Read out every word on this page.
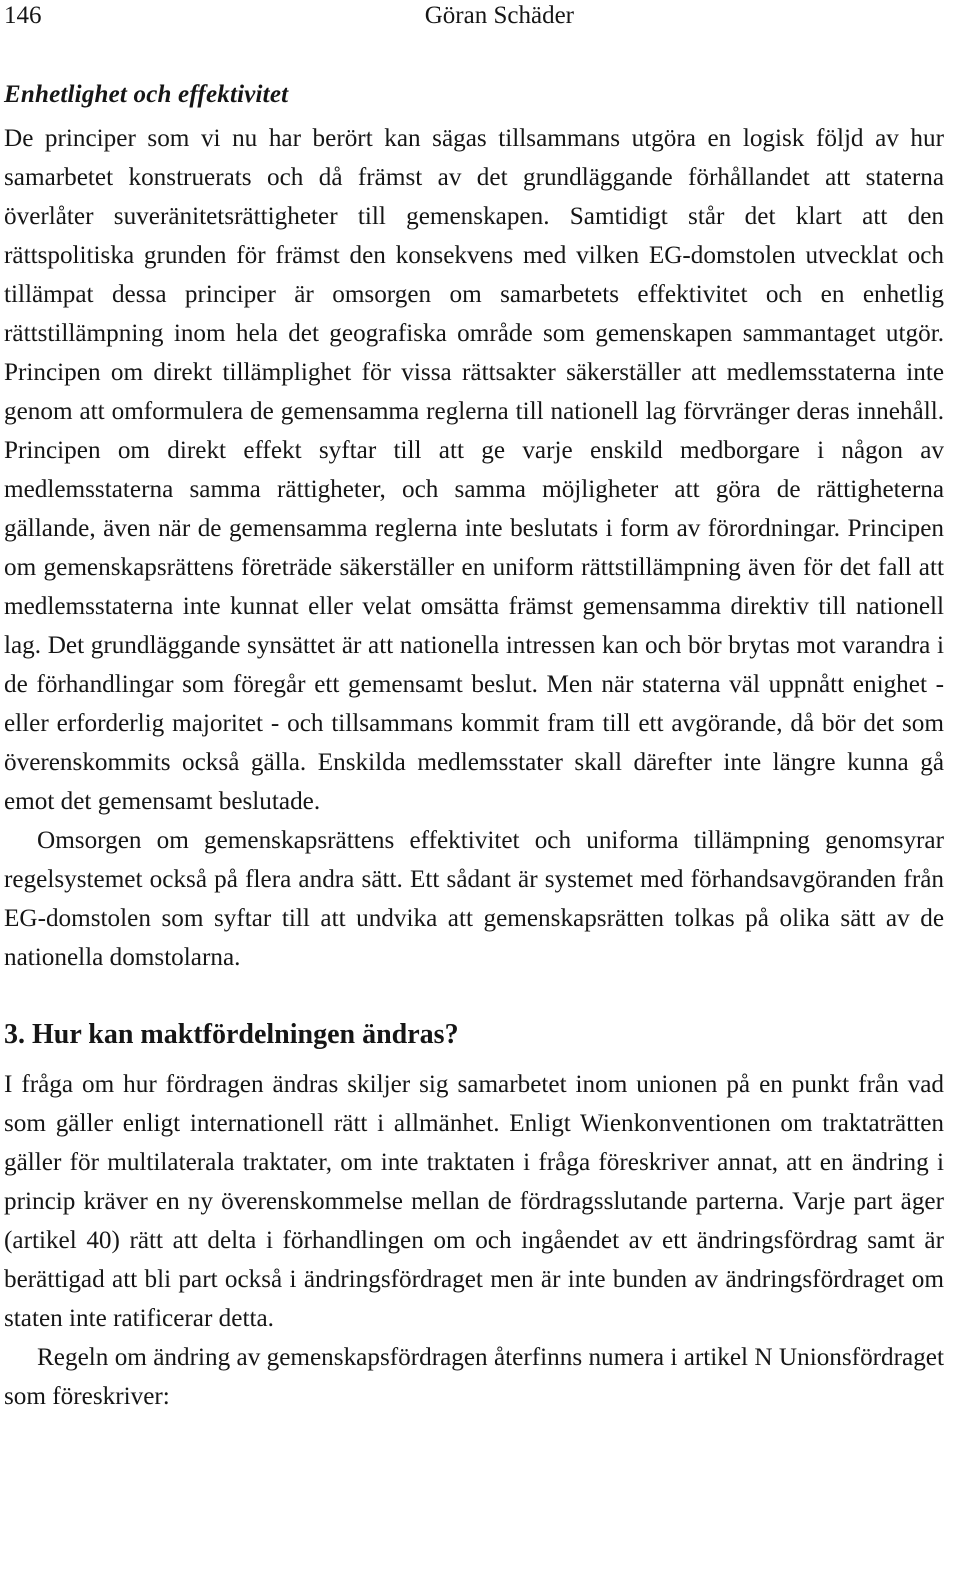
146	Göran Schäder
Enhetlighet och effektivitet

De principer som vi nu har berört kan sägas tillsammans utgöra en logisk följd av hur samarbetet konstruerats och då främst av det grundläggande förhållandet att staterna överlåter suveränitetsrättigheter till gemenskapen. Samtidigt står det klart att den rättspolitiska grunden för främst den konsekvens med vilken EG-domstolen utvecklat och tillämpat dessa principer är omsorgen om samarbetets effektivitet och en enhetlig rättstillämpning inom hela det geografiska område som gemenskapen sammantaget utgör. Principen om direkt tillämplighet för vissa rättsakter säkerställer att medlemsstaterna inte genom att omformulera de gemensamma reglerna till nationell lag förvränger deras innehåll. Principen om direkt effekt syftar till att ge varje enskild medborgare i någon av medlemsstaterna samma rättigheter, och samma möjligheter att göra de rättigheterna gällande, även när de gemensamma reglerna inte beslutats i form av förordningar. Principen om gemenskapsrättens företräde säkerställer en uniform rättstillämpning även för det fall att medlemsstaterna inte kunnat eller velat omsätta främst gemensamma direktiv till nationell lag. Det grundläggande synsättet är att nationella intressen kan och bör brytas mot varandra i de förhandlingar som föregår ett gemensamt beslut. Men när staterna väl uppnått enighet - eller erforderlig majoritet - och tillsammans kommit fram till ett avgörande, då bör det som överenskommits också gälla. Enskilda medlemsstater skall därefter inte längre kunna gå emot det gemensamt beslutade.

Omsorgen om gemenskapsrättens effektivitet och uniforma tillämpning genomsyrar regelsystemet också på flera andra sätt. Ett sådant är systemet med förhandsavgöranden från EG-domstolen som syftar till att undvika att gemenskapsrätten tolkas på olika sätt av de nationella domstolarna.

3. Hur kan maktfördelningen ändras?

I fråga om hur fördragen ändras skiljer sig samarbetet inom unionen på en punkt från vad som gäller enligt internationell rätt i allmänhet. Enligt Wienkonventionen om traktaträtten gäller för multilaterala traktater, om inte traktaten i fråga föreskriver annat, att en ändring i princip kräver en ny överenskommelse mellan de fördragsslutande parterna. Varje part äger (artikel 40) rätt att delta i förhandlingen om och ingåendet av ett ändringsfördrag samt är berättigad att bli part också i ändringsfördraget men är inte bunden av ändringsfördraget om staten inte ratificerar detta.

Regeln om ändring av gemenskapsfördragen återfinns numera i artikel N Unionsfördraget som föreskriver:
